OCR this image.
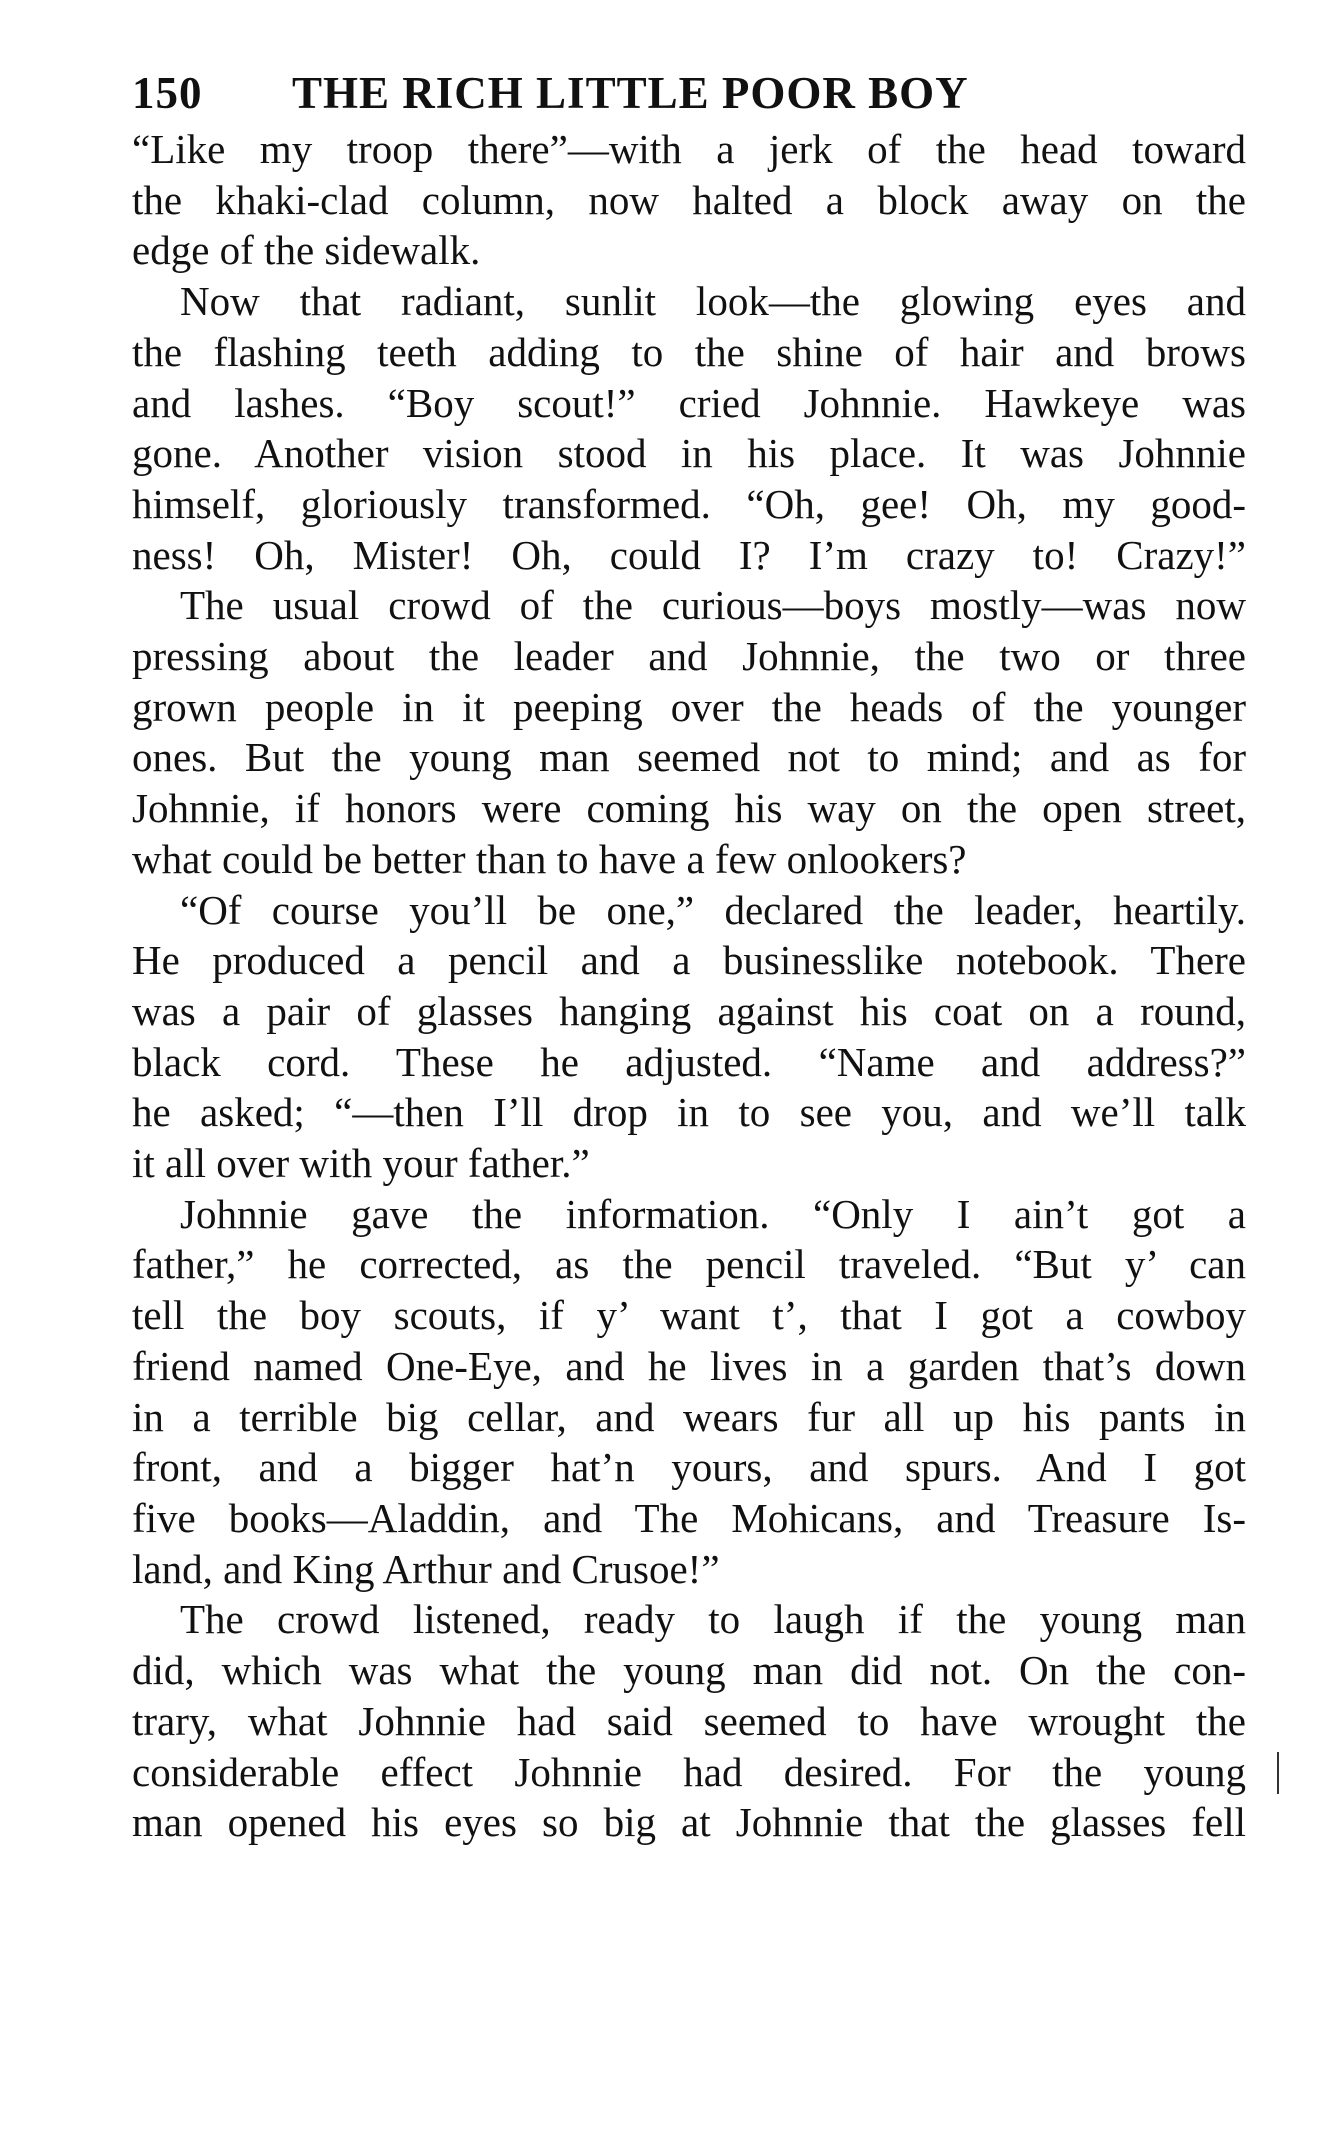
150	THE RICH LITTLE POOR BOY

“Like my troop there”—with a jerk of the head toward
the khaki-clad column, now halted a block away on the
edge of the sidewalk.

Now that radiant, sunlit look—the glowing eyes and
the flashing teeth adding to the shine of hair and brows
and lashes. “Boy scout!” cried Johnnie. Hawkeye was
gone. Another vision stood in his place. It was Johnnie
himself, gloriously transformed. “Oh, gee! Oh, my good-
ness! Oh, Mister! Oh, could I? I’m crazy to! Crazy!”

The usual crowd of the curious—boys mostly—was now
pressing about the leader and Johnnie, the two or three
grown people in it peeping over the heads of the younger
ones. But the young man seemed not to mind; and as for
Johnnie, if honors were coming his way on the open street,
what could be better than to have a few onlookers?

“Of course you’ll be one,” declared the leader, heartily.
He produced a pencil and a businesslike notebook. There
was a pair of glasses hanging against his coat on a round,
black cord. These he adjusted. “Name and address?”
he asked; “—then I’ll drop in to see you, and we’ll talk
it all over with your father.”

Johnnie gave the information. “Only I ain’t got a
father,” he corrected, as the pencil traveled. “But y’ can
tell the boy scouts, if y’ want t’, that I got a cowboy
friend named One-Eye, and he lives in a garden that’s down
in a terrible big cellar, and wears fur all up his pants in
front, and a bigger hat’n yours, and spurs. And I got
five books—Aladdin, and The Mohicans, and Treasure Is-
land, and King Arthur and Crusoe!”

The crowd listened, ready to laugh if the young man
did, which was what the young man did not. On the con-
trary, what Johnnie had said seemed to have wrought the
considerable effect Johnnie had desired. For the young
man opened his eyes so big at Johnnie that the glasses fell
